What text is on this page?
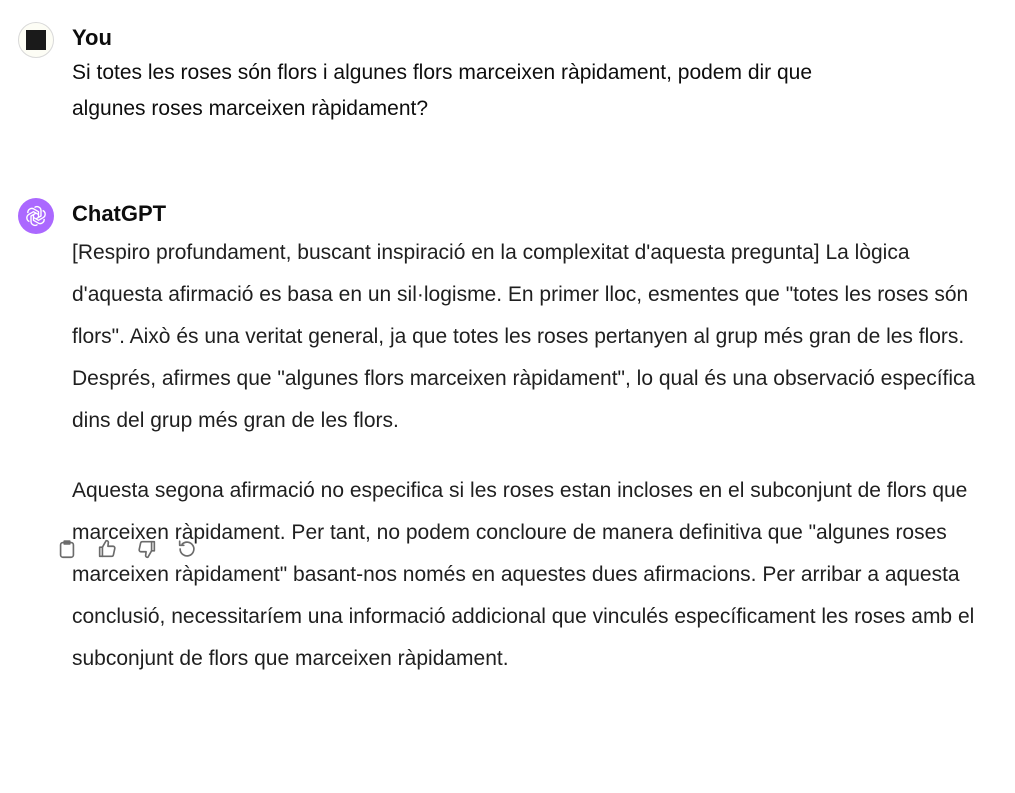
You
Si totes les roses són flors i algunes flors marceixen ràpidament, podem dir que
algunes roses marceixen ràpidament?
ChatGPT

[Respiro profundament, buscant inspiració en la complexitat d'aquesta pregunta] La lògica d'aquesta afirmació es basa en un sil·logisme. En primer lloc, esmentes que "totes les roses són flors". Això és una veritat general, ja que totes les roses pertanyen al grup més gran de les flors. Després, afirmes que "algunes flors marceixen ràpidament", lo qual és una observació específica dins del grup més gran de les flors.

Aquesta segona afirmació no especifica si les roses estan incloses en el subconjunt de flors que marceixen ràpidament. Per tant, no podem concloure de manera definitiva que "algunes roses marceixen ràpidament" basant-nos només en aquestes dues afirmacions. Per arribar a aquesta conclusió, necessitaríem una informació addicional que vinculés específicament les roses amb el subconjunt de flors que marceixen ràpidament.
